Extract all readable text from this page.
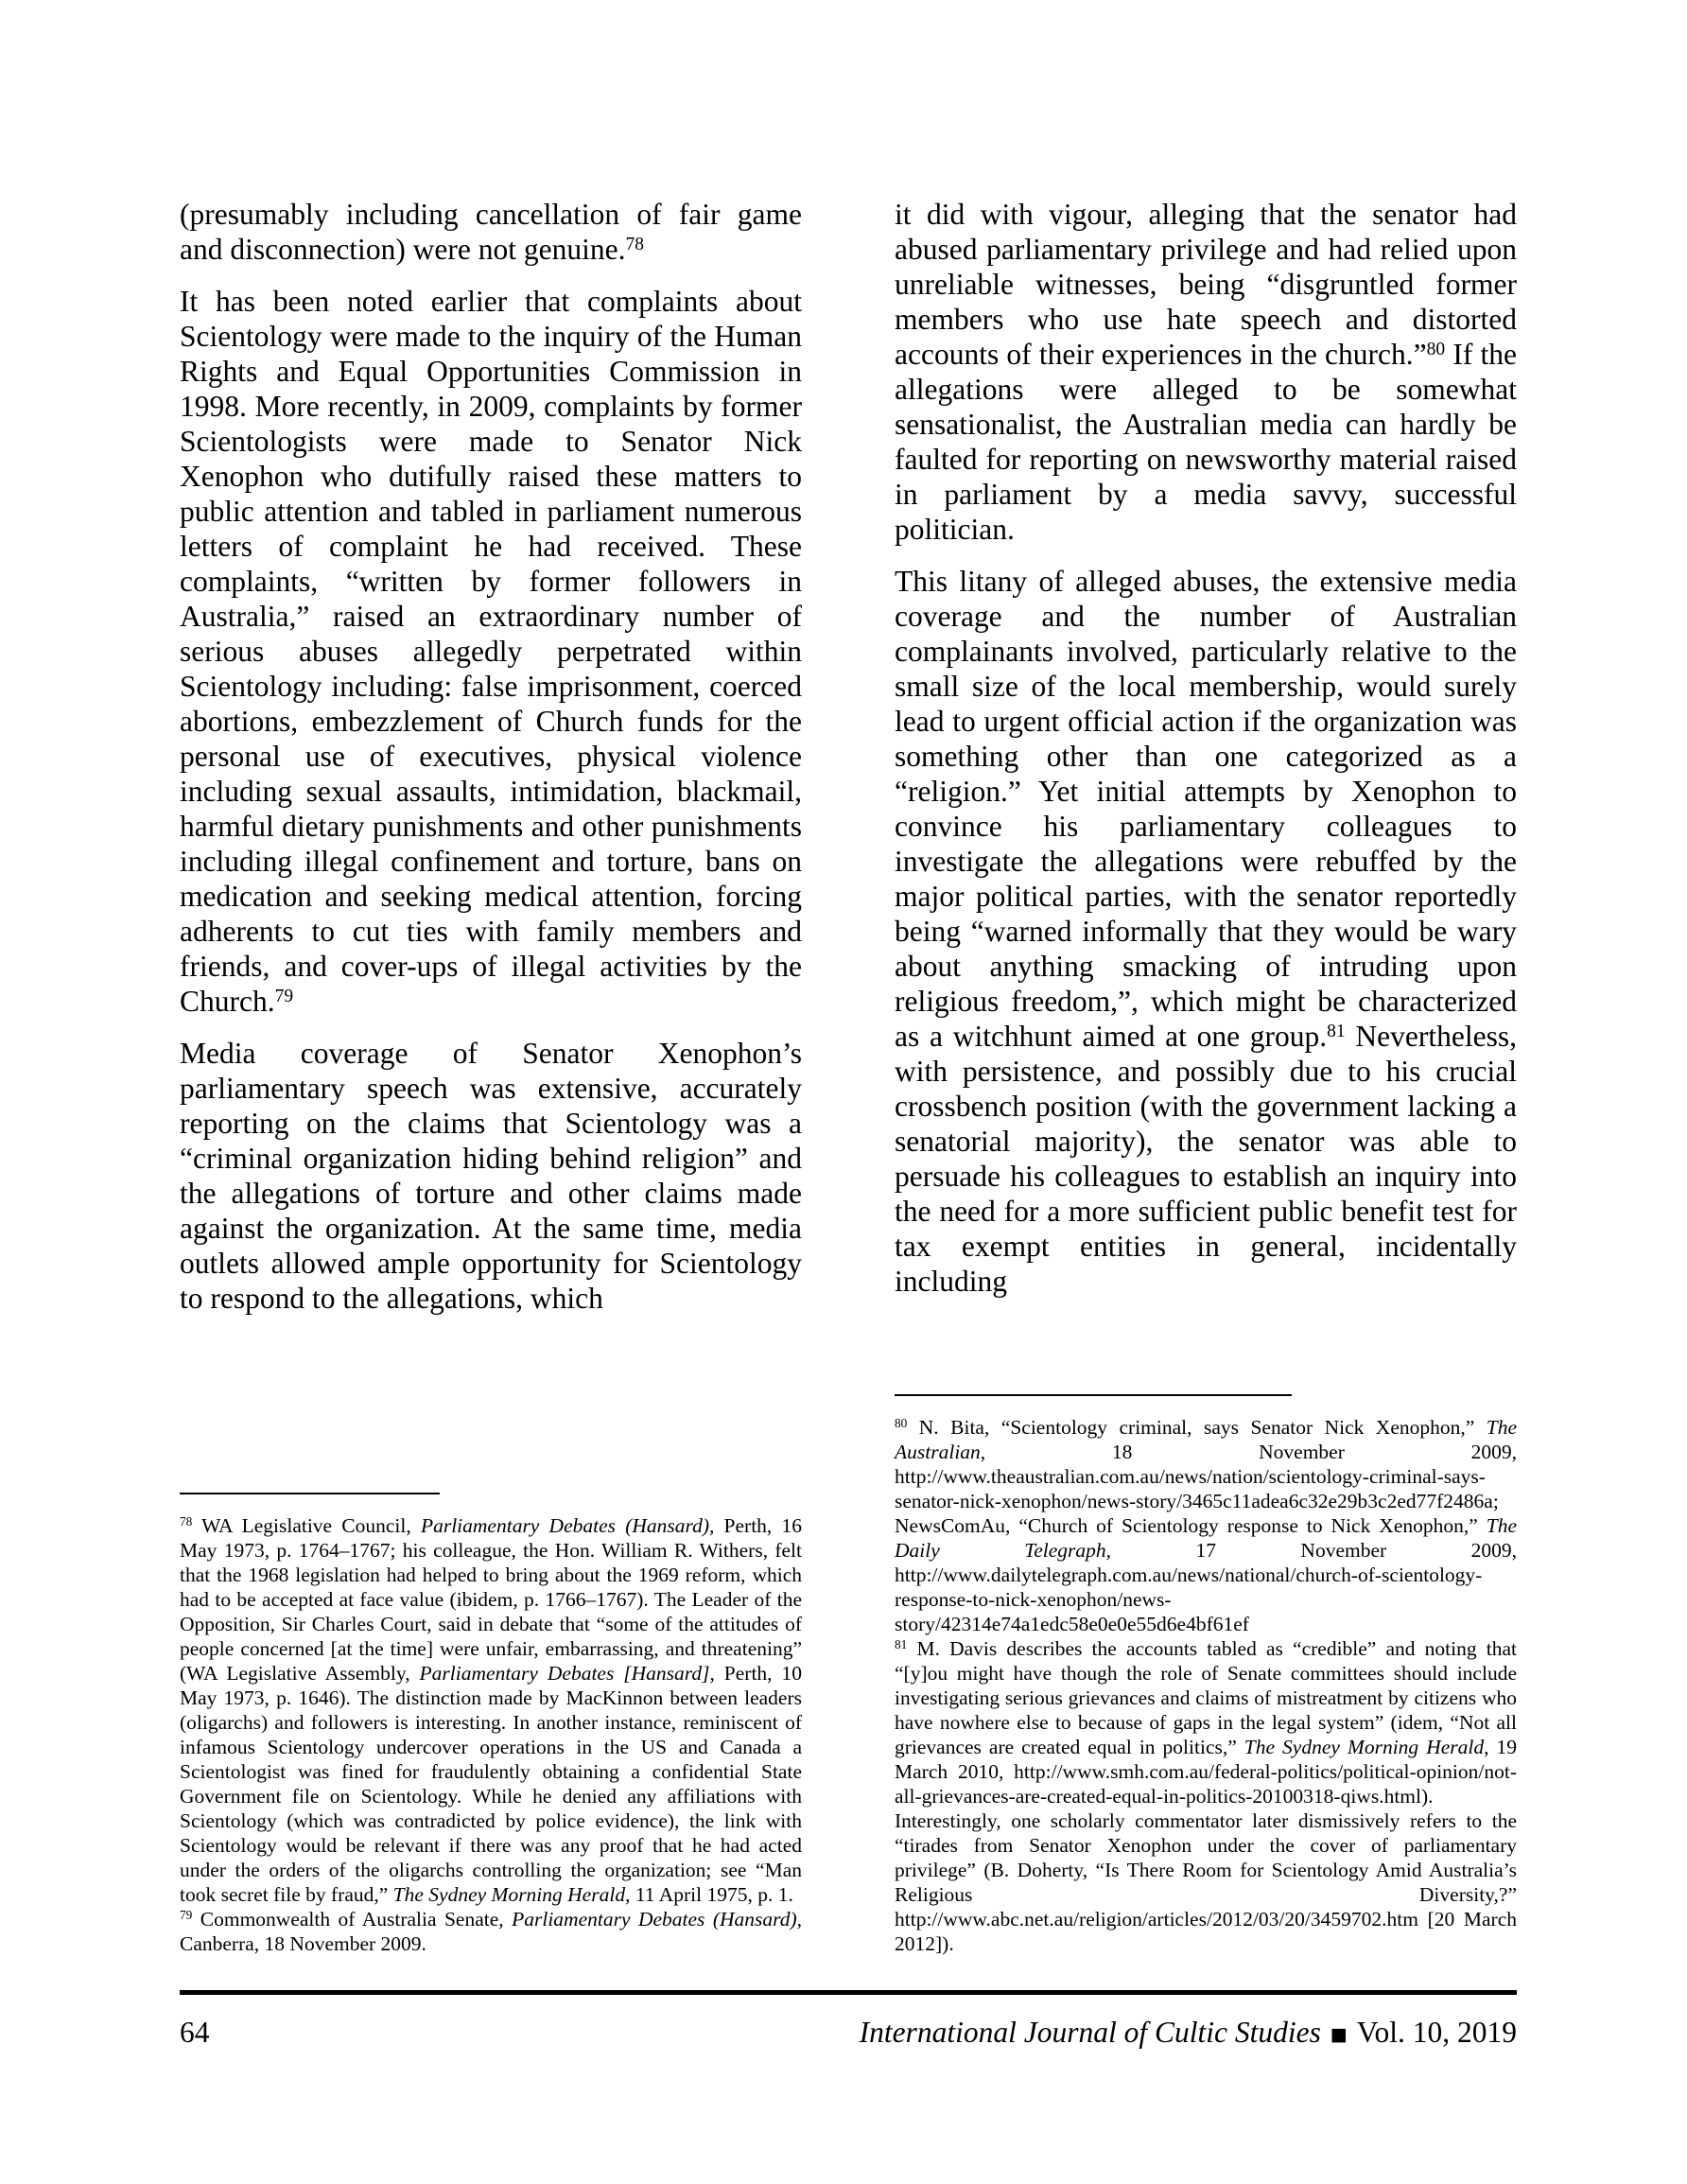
(presumably including cancellation of fair game and disconnection) were not genuine.$^{78}$

It has been noted earlier that complaints about Scientology were made to the inquiry of the Human Rights and Equal Opportunities Commission in 1998. More recently, in 2009, complaints by former Scientologists were made to Senator Nick Xenophon who dutifully raised these matters to public attention and tabled in parliament numerous letters of complaint he had received. These complaints, “written by former followers in Australia,” raised an extraordinary number of serious abuses allegedly perpetrated within Scientology including: false imprisonment, coerced abortions, embezzlement of Church funds for the personal use of executives, physical violence including sexual assaults, intimidation, blackmail, harmful dietary punishments and other punishments including illegal confinement and torture, bans on medication and seeking medical attention, forcing adherents to cut ties with family members and friends, and cover-ups of illegal activities by the Church.$^{79}$

Media coverage of Senator Xenophon’s parliamentary speech was extensive, accurately reporting on the claims that Scientology was a “criminal organization hiding behind religion” and the allegations of torture and other claims made against the organization. At the same time, media outlets allowed ample opportunity for Scientology to respond to the allegations, which

$^{78}$ WA Legislative Council, Parliamentary Debates (Hansard), Perth, 16 May 1973, p. 1764–1767; his colleague, the Hon. William R. Withers, felt that the 1968 legislation had helped to bring about the 1969 reform, which had to be accepted at face value (ibidem, p. 1766–1767). The Leader of the Opposition, Sir Charles Court, said in debate that “some of the attitudes of people concerned [at the time] were unfair, embarrassing, and threatening” (WA Legislative Assembly, Parliamentary Debates [Hansard], Perth, 10 May 1973, p. 1646). The distinction made by MacKinnon between leaders (oligarchs) and followers is interesting. In another instance, reminiscent of infamous Scientology undercover operations in the US and Canada a Scientologist was fined for fraudulently obtaining a confidential State Government file on Scientology. While he denied any affiliations with Scientology (which was contradicted by police evidence), the link with Scientology would be relevant if there was any proof that he had acted under the orders of the oligarchs controlling the organization; see “Man took secret file by fraud,” The Sydney Morning Herald, 11 April 1975, p. 1.

$^{79}$ Commonwealth of Australia Senate, Parliamentary Debates (Hansard), Canberra, 18 November 2009.

it did with vigour, alleging that the senator had abused parliamentary privilege and had relied upon unreliable witnesses, being “disgruntled former members who use hate speech and distorted accounts of their experiences in the church.”$^{80}$ If the allegations were alleged to be somewhat sensationalist, the Australian media can hardly be faulted for reporting on newsworthy material raised in parliament by a media savvy, successful politician.

This litany of alleged abuses, the extensive media coverage and the number of Australian complainants involved, particularly relative to the small size of the local membership, would surely lead to urgent official action if the organization was something other than one categorized as a “religion.” Yet initial attempts by Xenophon to convince his parliamentary colleagues to investigate the allegations were rebuffed by the major political parties, with the senator reportedly being “warned informally that they would be wary about anything smacking of intruding upon religious freedom,”, which might be characterized as a witchhunt aimed at one group.$^{81}$ Nevertheless, with persistence, and possibly due to his crucial crossbench position (with the government lacking a senatorial majority), the senator was able to persuade his colleagues to establish an inquiry into the need for a more sufficient public benefit test for tax exempt entities in general, incidentally including

$^{80}$ N. Bita, “Scientology criminal, says Senator Nick Xenophon,” The Australian, 18 November 2009, http://www.theaustralian.com.au/news/nation/scientology-criminal-says-senator-nick-xenophon/news-story/3465c11adea6c32e29b3c2ed77f2486a; NewsComAu, “Church of Scientology response to Nick Xenophon,” The Daily Telegraph, 17 November 2009, http://www.dailytelegraph.com.au/news/national/church-of-scientology-response-to-nick-xenophon/news-story/42314e74a1edc58e0e0e55d6e4bf61ef

$^{81}$ M. Davis describes the accounts tabled as “credible” and noting that “[y]ou might have though the role of Senate committees should include investigating serious grievances and claims of mistreatment by citizens who have nowhere else to because of gaps in the legal system” (idem, “Not all grievances are created equal in politics,” The Sydney Morning Herald, 19 March 2010, http://www.smh.com.au/federal-politics/political-opinion/not-all-grievances-are-created-equal-in-politics-20100318-qiws.html). Interestingly, one scholarly commentator later dismissively refers to the “tirades from Senator Xenophon under the cover of parliamentary privilege” (B. Doherty, “Is There Room for Scientology Amid Australia’s Religious Diversity,?” http://www.abc.net.au/religion/articles/2012/03/20/3459702.htm [20 March 2012]).

64	International Journal of Cultic Studies ■ Vol. 10, 2019
